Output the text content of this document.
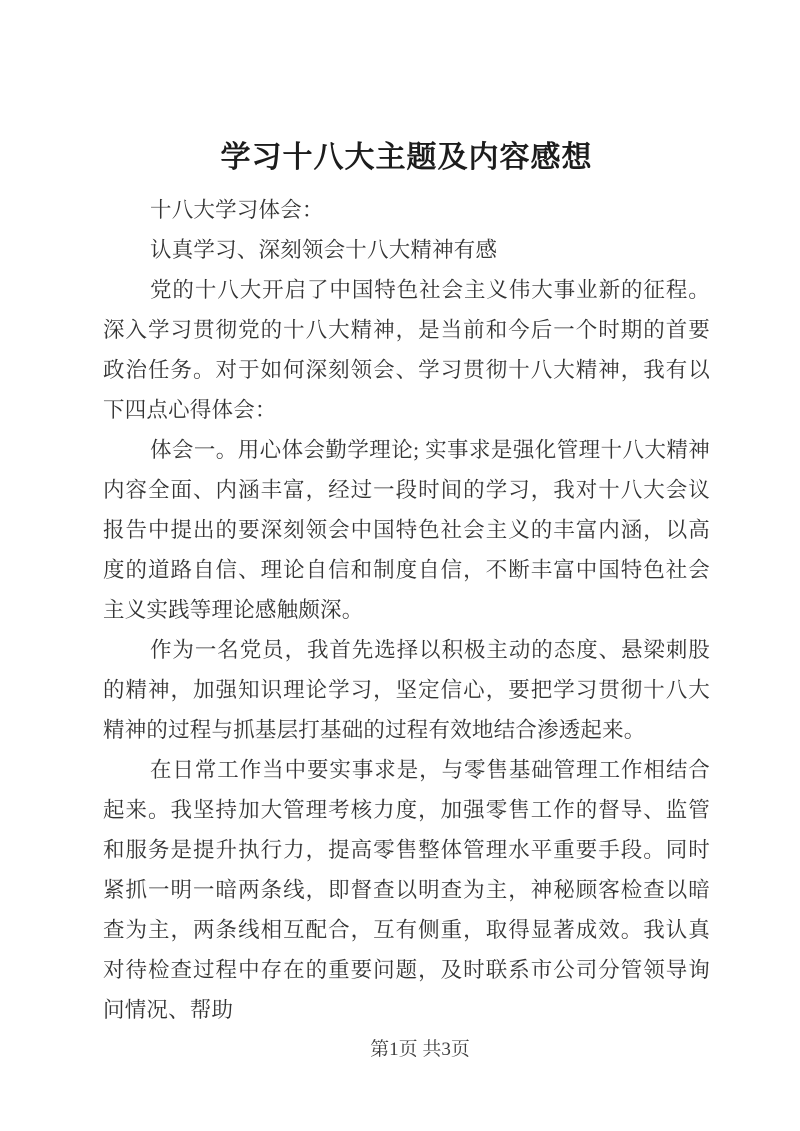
学习十八大主题及内容感想

十八大学习体会：

认真学习、深刻领会十八大精神有感

党的十八大开启了中国特色社会主义伟大事业新的征程。深入学习贯彻党的十八大精神，是当前和今后一个时期的首要政治任务。对于如何深刻领会、学习贯彻十八大精神，我有以下四点心得体会：

体会一。用心体会勤学理论; 实事求是强化管理十八大精神内容全面、内涵丰富，经过一段时间的学习，我对十八大会议报告中提出的要深刻领会中国特色社会主义的丰富内涵，以高度的道路自信、理论自信和制度自信，不断丰富中国特色社会主义实践等理论感触颇深。

作为一名党员，我首先选择以积极主动的态度、悬梁刺股的精神，加强知识理论学习，坚定信心，要把学习贯彻十八大精神的过程与抓基层打基础的过程有效地结合渗透起来。

在日常工作当中要实事求是，与零售基础管理工作相结合起来。我坚持加大管理考核力度，加强零售工作的督导、监管和服务是提升执行力，提高零售整体管理水平重要手段。同时紧抓一明一暗两条线，即督查以明查为主，神秘顾客检查以暗查为主，两条线相互配合，互有侧重，取得显著成效。我认真对待检查过程中存在的重要问题，及时联系市公司分管领导询问情况、帮助

第1页 共3页
